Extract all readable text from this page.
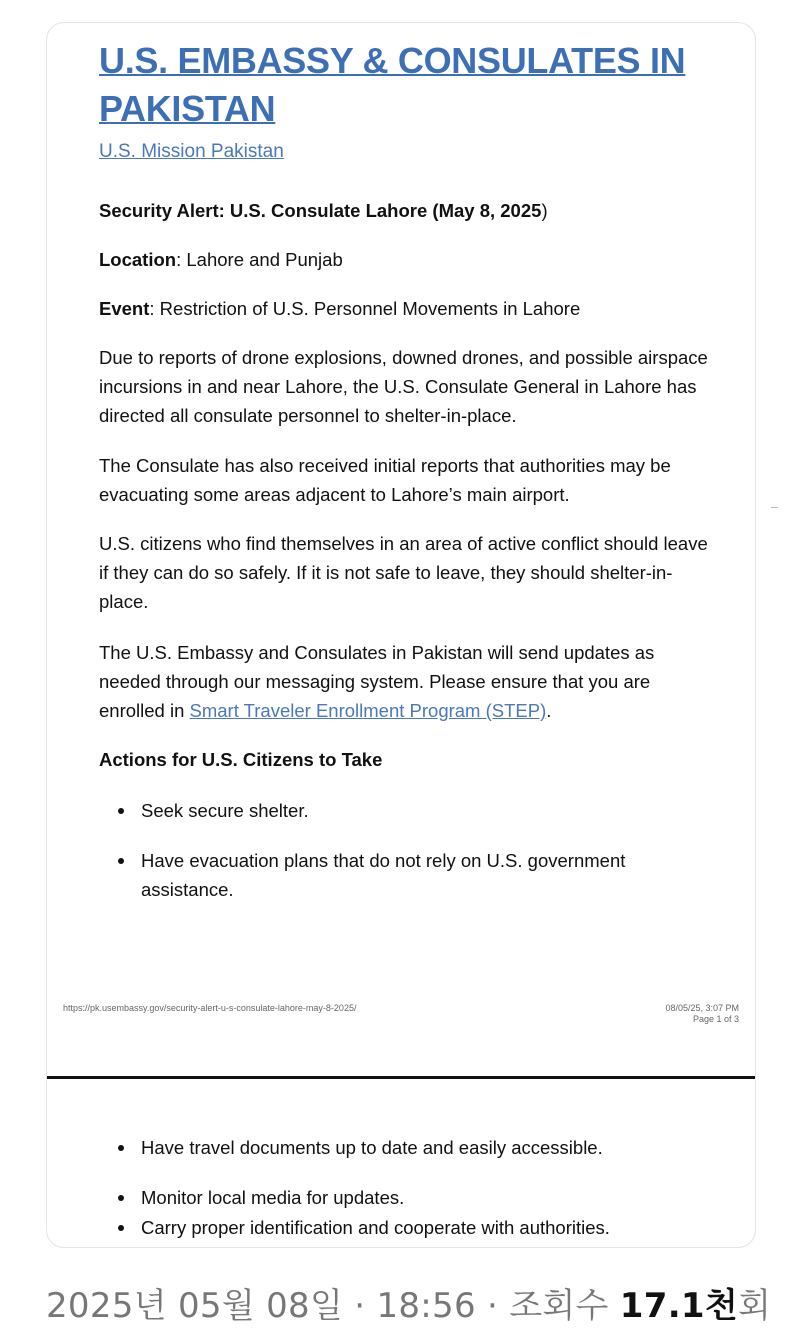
U.S. EMBASSY & CONSULATES IN PAKISTAN
U.S. Mission Pakistan

Security Alert: U.S. Consulate Lahore (May 8, 2025)

Location: Lahore and Punjab

Event: Restriction of U.S. Personnel Movements in Lahore

Due to reports of drone explosions, downed drones, and possible airspace incursions in and near Lahore, the U.S. Consulate General in Lahore has directed all consulate personnel to shelter-in-place.

The Consulate has also received initial reports that authorities may be evacuating some areas adjacent to Lahore’s main airport.

U.S. citizens who find themselves in an area of active conflict should leave if they can do so safely. If it is not safe to leave, they should shelter-in-place.

The U.S. Embassy and Consulates in Pakistan will send updates as needed through our messaging system. Please ensure that you are enrolled in Smart Traveler Enrollment Program (STEP).

Actions for U.S. Citizens to Take

Seek secure shelter.
Have evacuation plans that do not rely on U.S. government assistance.
https://pk.usembassy.gov/security-alert-u-s-consulate-lahore-may-8-2025/	08/05/25, 3:07 PM
Page 1 of 3
Have travel documents up to date and easily accessible.
Monitor local media for updates.
Carry proper identification and cooperate with authorities.
2025년 05월 08일 · 18:56 · 조회수 17.1천회
